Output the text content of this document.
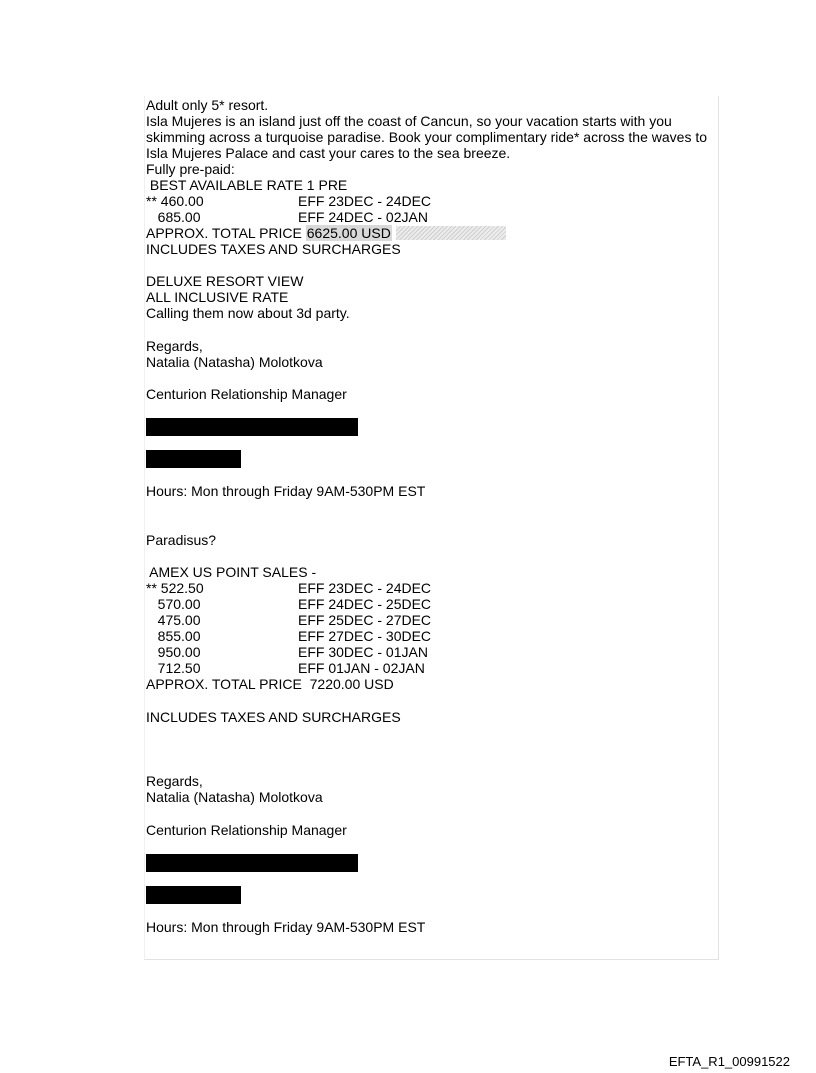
Adult only 5* resort.

Isla Mujeres is an island just off the coast of Cancun, so your vacation starts with you skimming across a turquoise paradise. Book your complimentary ride* across the waves to Isla Mujeres Palace and cast your cares to the sea breeze.

Fully pre-paid:
BEST AVAILABLE RATE 1 PRE
** 460.00	EFF 23DEC - 24DEC
685.00	EFF 24DEC - 02JAN
APPROX. TOTAL PRICE 6625.00 USD
INCLUDES TAXES AND SURCHARGES
DELUXE RESORT VIEW
ALL INCLUSIVE RATE
Calling them now about 3d party.
Regards,
Natalia (Natasha) Molotkova
Centurion Relationship Manager
Hours: Mon through Friday 9AM-530PM EST
Paradisus?
AMEX US POINT SALES -
** 522.50	EFF 23DEC - 24DEC
570.00	EFF 24DEC - 25DEC
475.00	EFF 25DEC - 27DEC
855.00	EFF 27DEC - 30DEC
950.00	EFF 30DEC - 01JAN
712.50	EFF 01JAN - 02JAN
APPROX. TOTAL PRICE  7220.00 USD
INCLUDES TAXES AND SURCHARGES
Regards,
Natalia (Natasha) Molotkova
Centurion Relationship Manager
Hours: Mon through Friday 9AM-530PM EST
EFTA_R1_00991522
